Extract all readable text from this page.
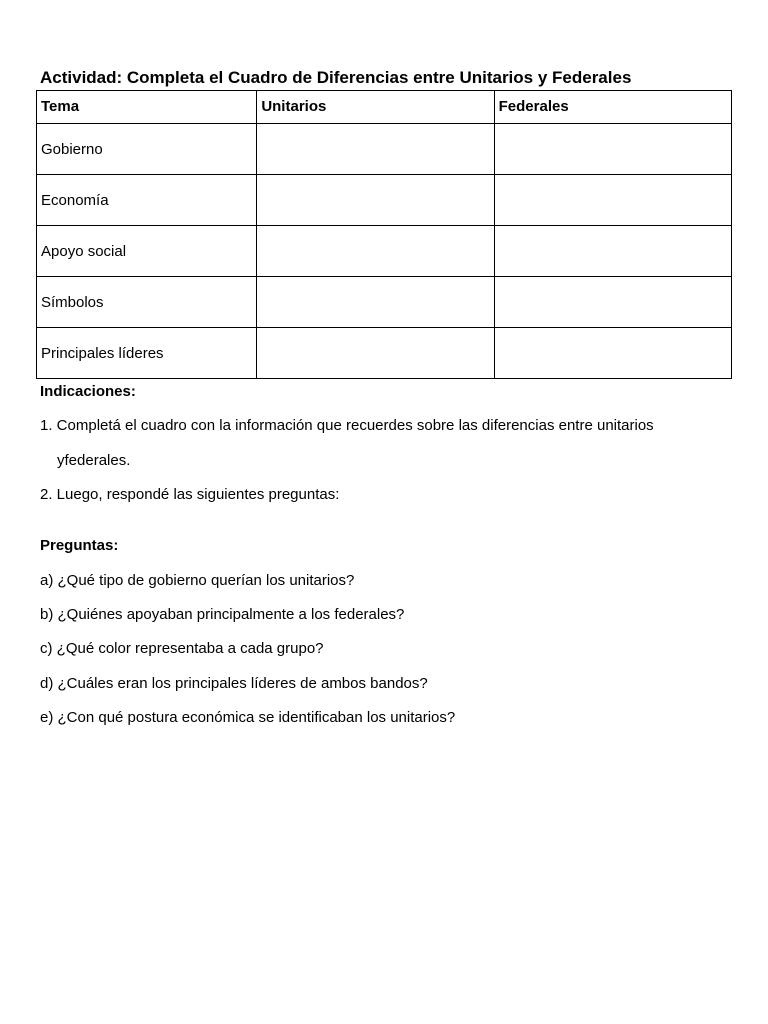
Actividad: Completa el Cuadro de Diferencias entre Unitarios y Federales
Tema	Unitarios	Federales
Gobierno		
Economía		
Apoyo social		
Símbolos		
Principales líderes		
Indicaciones:
1. Completá el cuadro con la información que recuerdes sobre las diferencias entre unitarios
yfederales.
2. Luego, respondé las siguientes preguntas:
Preguntas:
a) ¿Qué tipo de gobierno querían los unitarios?
b) ¿Quiénes apoyaban principalmente a los federales?
c) ¿Qué color representaba a cada grupo?
d) ¿Cuáles eran los principales líderes de ambos bandos?
e) ¿Con qué postura económica se identificaban los unitarios?
